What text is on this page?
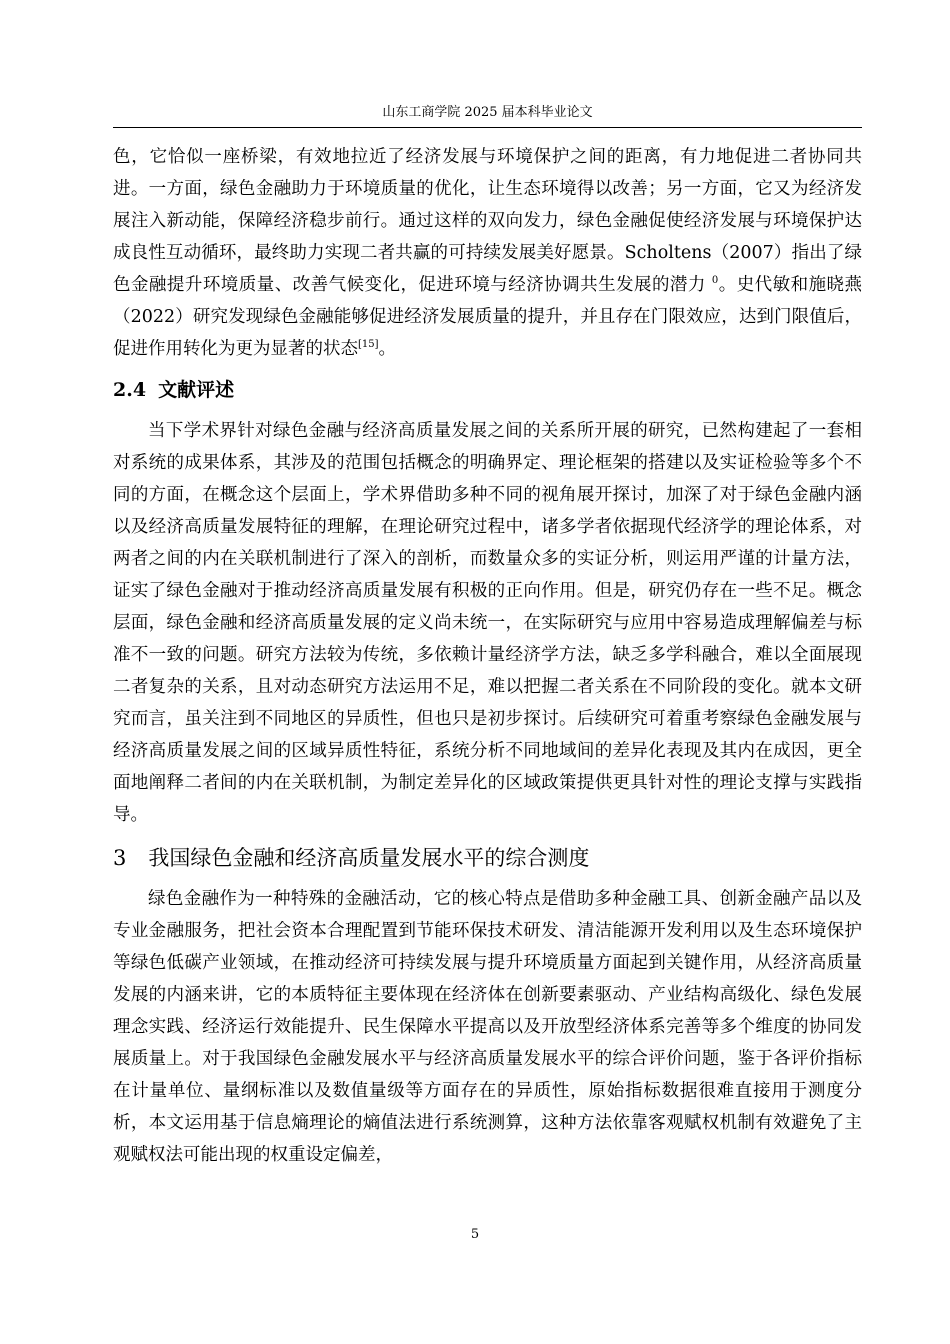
山东工商学院 2025 届本科毕业论文

色，它恰似一座桥梁，有效地拉近了经济发展与环境保护之间的距离，有力地促进二者协同共进。一方面，绿色金融助力于环境质量的优化，让生态环境得以改善；另一方面，它又为经济发展注入新动能，保障经济稳步前行。通过这样的双向发力，绿色金融促使经济发展与环境保护达成良性互动循环，最终助力实现二者共赢的可持续发展美好愿景。Scholtens（2007）指出了绿色金融提升环境质量、改善气候变化，促进环境与经济协调共生发展的潜力 $^0$。史代敏和施晓燕（2022）研究发现绿色金融能够促进经济发展质量的提升，并且存在门限效应，达到门限值后，促进作用转化为更为显著的状态[15]。

2.4 文献评述

当下学术界针对绿色金融与经济高质量发展之间的关系所开展的研究，已然构建起了一套相对系统的成果体系，其涉及的范围包括概念的明确界定、理论框架的搭建以及实证检验等多个不同的方面，在概念这个层面上，学术界借助多种不同的视角展开探讨，加深了对于绿色金融内涵以及经济高质量发展特征的理解，在理论研究过程中，诸多学者依据现代经济学的理论体系，对两者之间的内在关联机制进行了深入的剖析，而数量众多的实证分析，则运用严谨的计量方法，证实了绿色金融对于推动经济高质量发展有积极的正向作用。但是，研究仍存在一些不足。概念层面，绿色金融和经济高质量发展的定义尚未统一，在实际研究与应用中容易造成理解偏差与标准不一致的问题。研究方法较为传统，多依赖计量经济学方法，缺乏多学科融合，难以全面展现二者复杂的关系，且对动态研究方法运用不足，难以把握二者关系在不同阶段的变化。就本文研究而言，虽关注到不同地区的异质性，但也只是初步探讨。后续研究可着重考察绿色金融发展与经济高质量发展之间的区域异质性特征，系统分析不同地域间的差异化表现及其内在成因，更全面地阐释二者间的内在关联机制，为制定差异化的区域政策提供更具针对性的理论支撑与实践指导。

3 我国绿色金融和经济高质量发展水平的综合测度

绿色金融作为一种特殊的金融活动，它的核心特点是借助多种金融工具、创新金融产品以及专业金融服务，把社会资本合理配置到节能环保技术研发、清洁能源开发利用以及生态环境保护等绿色低碳产业领域，在推动经济可持续发展与提升环境质量方面起到关键作用，从经济高质量发展的内涵来讲，它的本质特征主要体现在经济体在创新要素驱动、产业结构高级化、绿色发展理念实践、经济运行效能提升、民生保障水平提高以及开放型经济体系完善等多个维度的协同发展质量上。对于我国绿色金融发展水平与经济高质量发展水平的综合评价问题，鉴于各评价指标在计量单位、量纲标准以及数值量级等方面存在的异质性，原始指标数据很难直接用于测度分析，本文运用基于信息熵理论的熵值法进行系统测算，这种方法依靠客观赋权机制有效避免了主观赋权法可能出现的权重设定偏差，

5
